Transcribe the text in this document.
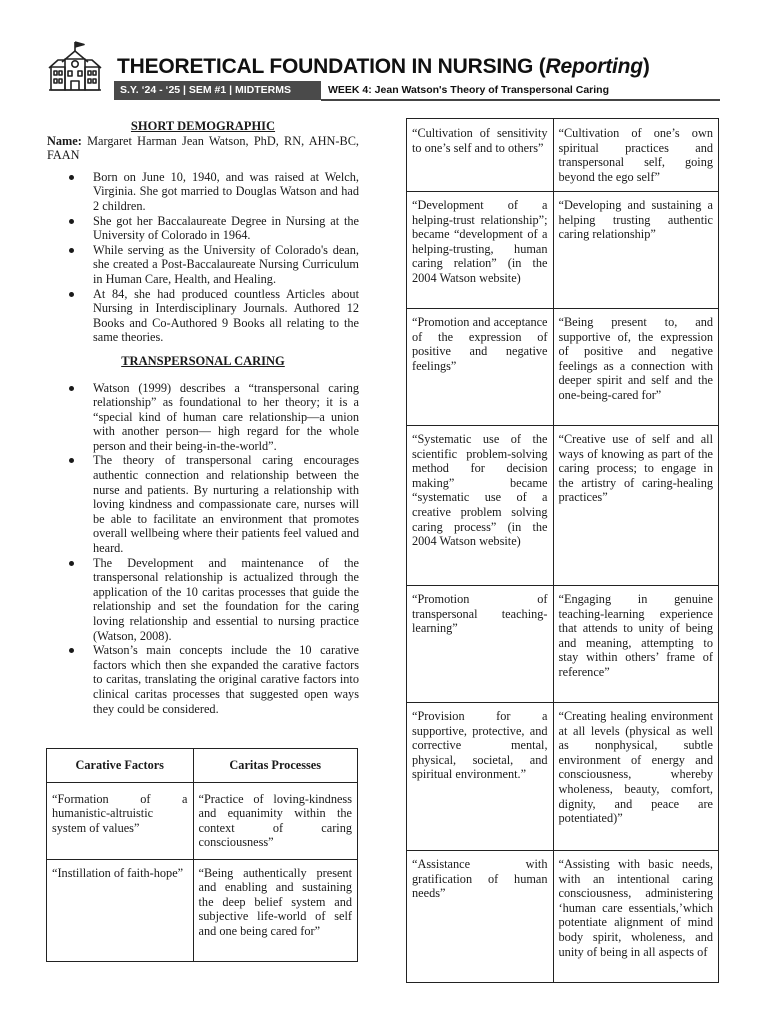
THEORETICAL FOUNDATION IN NURSING (Reporting)
S.Y. ‘24 - ‘25 | SEM #1 | MIDTERMS	WEEK 4: Jean Watson's Theory of Transpersonal Caring

SHORT DEMOGRAPHIC

Name: Margaret Harman Jean Watson, PhD, RN, AHN-BC, FAAN

Born on June 10, 1940, and was raised at Welch, Virginia. She got married to Douglas Watson and had 2 children.
She got her Baccalaureate Degree in Nursing at the University of Colorado in 1964.
While serving as the University of Colorado's dean, she created a Post-Baccalaureate Nursing Curriculum in Human Care, Health, and Healing.
At 84, she had produced countless Articles about Nursing in Interdisciplinary Journals. Authored 12 Books and Co-Authored 9 Books all relating to the same theories.

TRANSPERSONAL CARING

Watson (1999) describes a “transpersonal caring relationship” as foundational to her theory; it is a “special kind of human care relationship—a union with another person— high regard for the whole person and their being-in-the-world”.
The theory of transpersonal caring encourages authentic connection and relationship between the nurse and patients. By nurturing a relationship with loving kindness and compassionate care, nurses will be able to facilitate an environment that promotes overall wellbeing where their patients feel valued and heard.
The Development and maintenance of the transpersonal relationship is actualized through the application of the 10 caritas processes that guide the relationship and set the foundation for the caring loving relationship and essential to nursing practice (Watson, 2008).
Watson’s main concepts include the 10 carative factors which then she expanded the carative factors to caritas, translating the original carative factors into clinical caritas processes that suggested open ways they could be considered.
Carative Factors	Caritas Processes
“Formation of a humanistic-altruistic system of values”	“Practice of loving-kindness and equanimity within the context of caring consciousness”
“Instillation of faith-hope”	“Being authentically present and enabling and sustaining the deep belief system and subjective life-world of self and one being cared for”
“Cultivation of sensitivity to one’s self and to others”	“Cultivation of one’s own spiritual practices and transpersonal self, going beyond the ego self”
“Development of a helping-trust relationship”; became “development of a helping-trusting, human caring relation” (in the 2004 Watson website)	“Developing and sustaining a helping trusting authentic caring relationship”
“Promotion and acceptance of the expression of positive and negative feelings”	“Being present to, and supportive of, the expression of positive and negative feelings as a connection with deeper spirit and self and the one-being-cared for”
“Systematic use of the scientific problem-solving method for decision making” became “systematic use of a creative problem solving caring process” (in the 2004 Watson website)	“Creative use of self and all ways of knowing as part of the caring process; to engage in the artistry of caring-healing practices”
“Promotion of transpersonal teaching-learning”	“Engaging in genuine teaching-learning experience that attends to unity of being and meaning, attempting to stay within others’ frame of reference”
“Provision for a supportive, protective, and corrective mental, physical, societal, and spiritual environment.”	“Creating healing environment at all levels (physical as well as nonphysical, subtle environment of energy and consciousness, whereby wholeness, beauty, comfort, dignity, and peace are potentiated)”
“Assistance with gratification of human needs”	“Assisting with basic needs, with an intentional caring consciousness, administering ‘human care essentials,’which potentiate alignment of mind body spirit, wholeness, and unity of being in all aspects of
